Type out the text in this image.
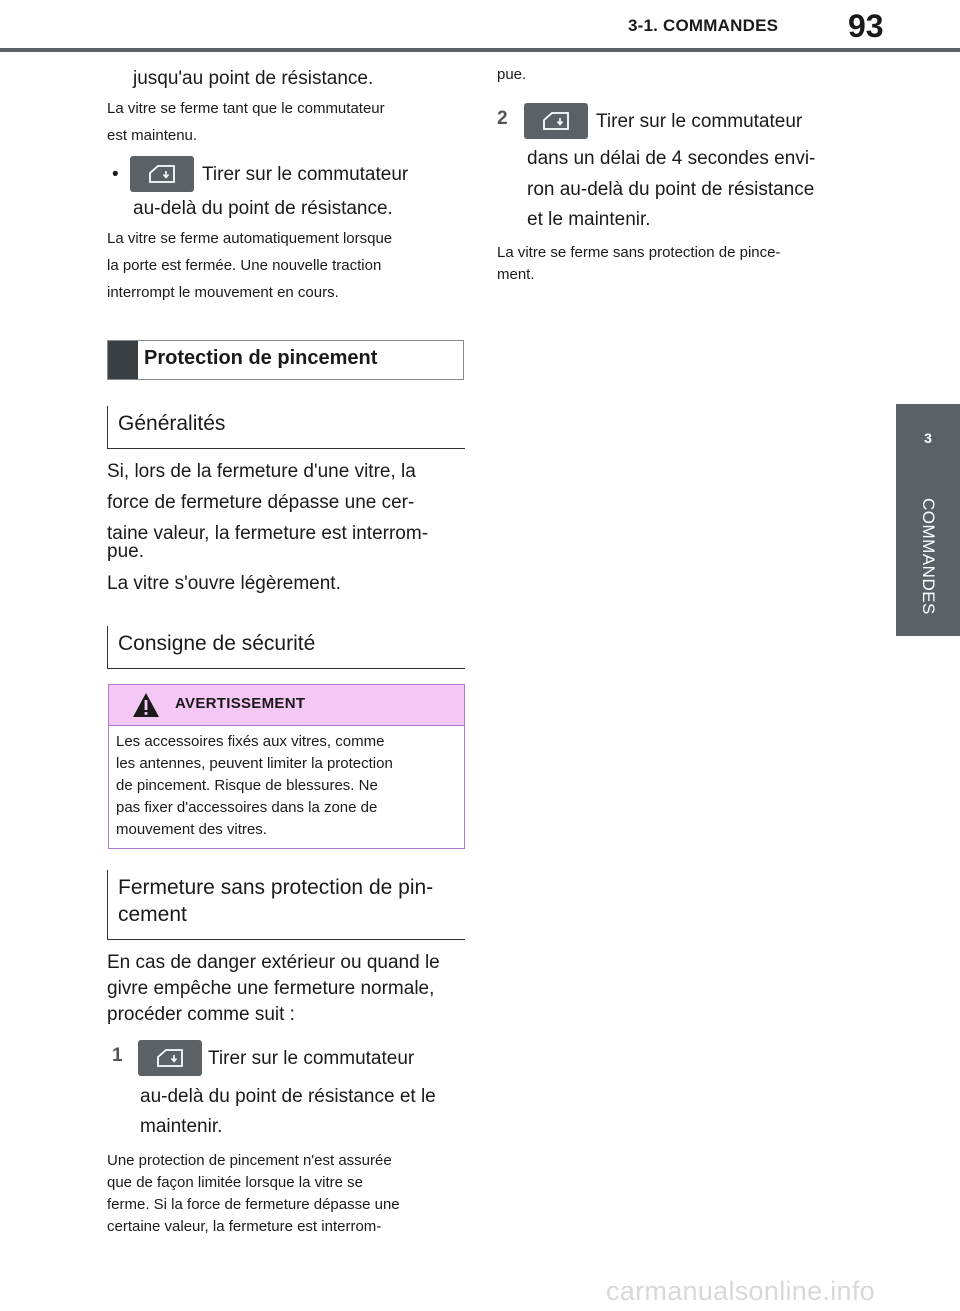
3-1. COMMANDES 93
3
COMMANDES
jusqu'au point de résistance.
La vitre se ferme tant que le commutateur
est maintenu.
•	Tirer sur le commutateur
au-delà du point de résistance.
La vitre se ferme automatiquement lorsque
la porte est fermée. Une nouvelle traction
interrompt le mouvement en cours.
Protection de pincement
Généralités
Si, lors de la fermeture d'une vitre, la
force de fermeture dépasse une cer-
taine valeur, la fermeture est interrom-
pue.
La vitre s'ouvre légèrement.
Consigne de sécurité
AVERTISSEMENT
Les accessoires fixés aux vitres, comme
les antennes, peuvent limiter la protection
de pincement. Risque de blessures. Ne
pas fixer d'accessoires dans la zone de
mouvement des vitres.
Fermeture sans protection de pin-
cement
En cas de danger extérieur ou quand le
givre empêche une fermeture normale,
procéder comme suit :
1	Tirer sur le commutateur
au-delà du point de résistance et le
maintenir.
Une protection de pincement n'est assurée
que de façon limitée lorsque la vitre se
ferme. Si la force de fermeture dépasse une
certaine valeur, la fermeture est interrom-
pue.
2	Tirer sur le commutateur
dans un délai de 4 secondes envi-
ron au-delà du point de résistance
et le maintenir.
La vitre se ferme sans protection de pince-
ment.
carmanualsonline.info
